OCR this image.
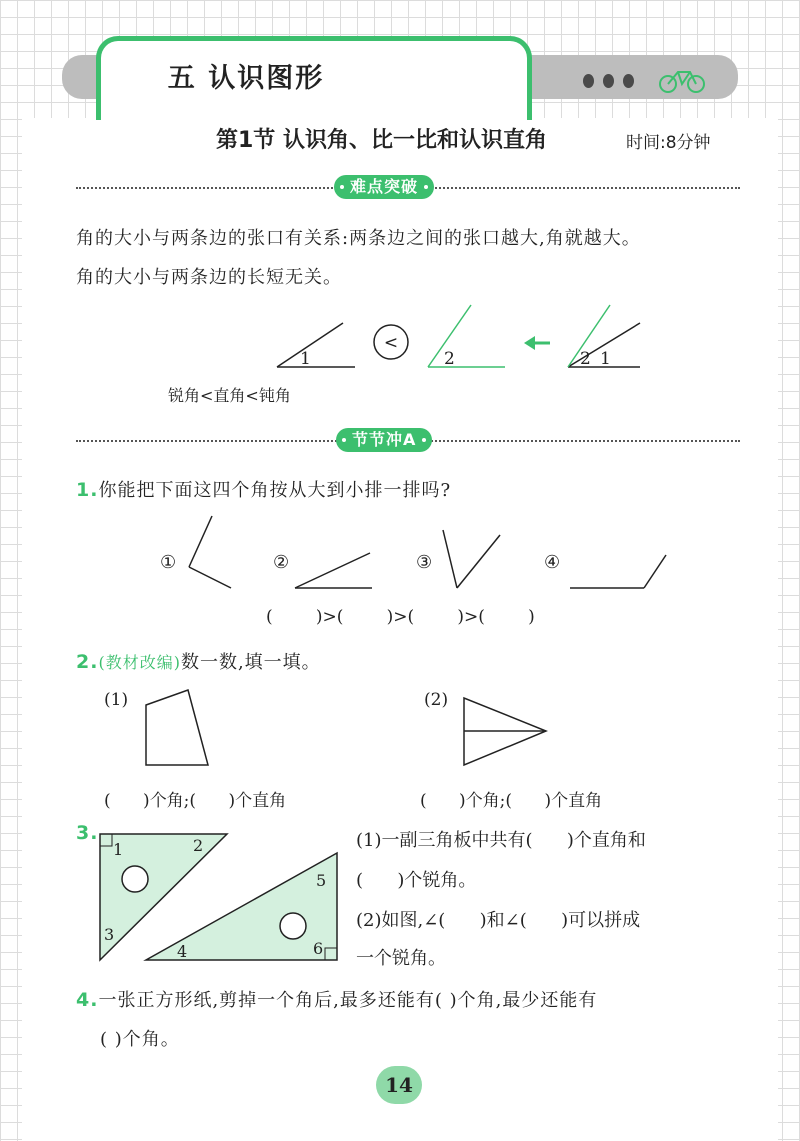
五 认识图形
第1节 认识角、比一比和认识直角	时间:8分钟
难点突破
角的大小与两条边的张口有关系:两条边之间的张口越大,角就越大。
角的大小与两条边的长短无关。
1
<
2	2 1
1	2
3
4
5
6
锐角<直角<钝角
节节冲A
1.你能把下面这四个角按从大到小排一排吗?
①	②	③	④
(        )>(        )>(        )>(        )
2.(教材改编)数一数,填一填。
(1)	(2)
(      )个角;(      )个直角	(      )个角;(      )个直角
3.	(1)一副三角板中共有(      )个直角和
(      )个锐角。
(2)如图,∠(      )和∠(      )可以拼成
一个锐角。
4.一张正方形纸,剪掉一个角后,最多还能有( )个角,最少还能有
( )个角。
14
